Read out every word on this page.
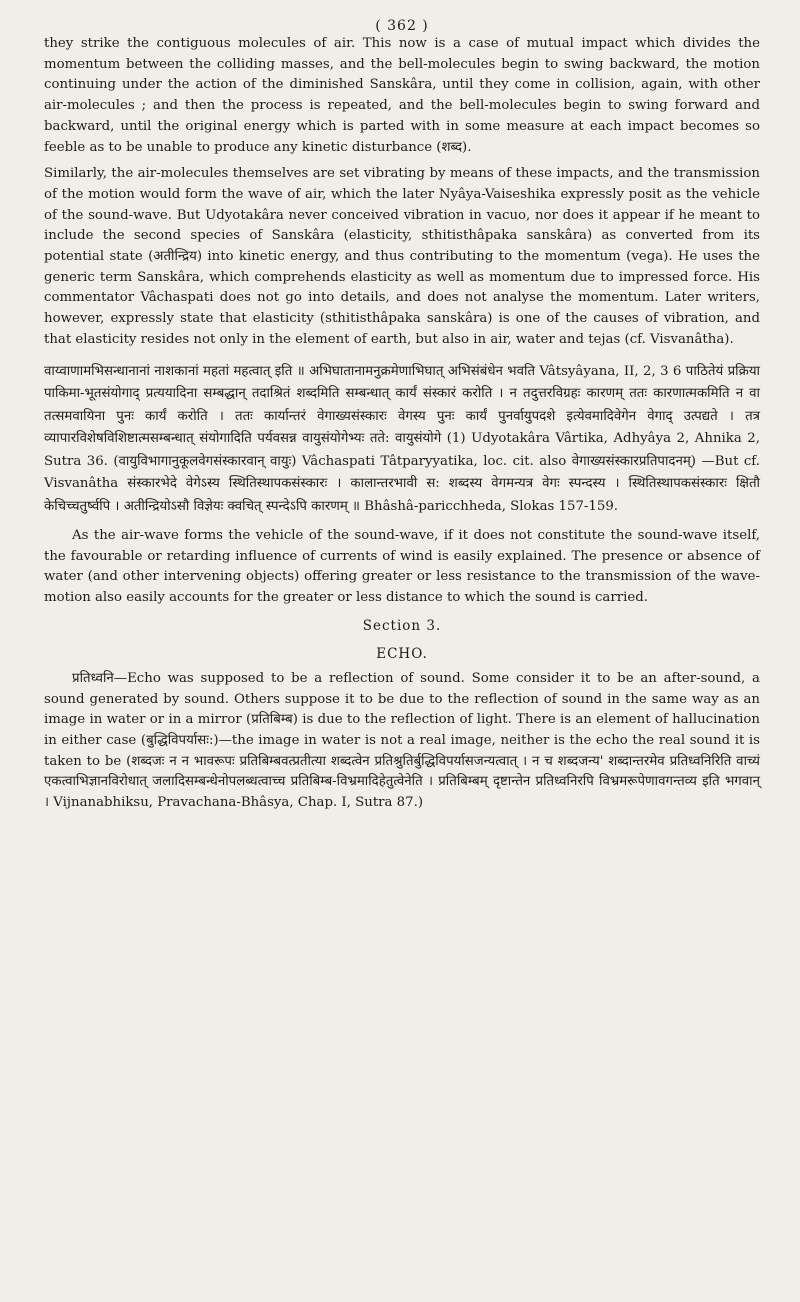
( 362 )

they strike the contiguous molecules of air. This now is a case of mutual impact which divides the momentum between the colliding masses, and the bell-molecules begin to swing backward, the motion continuing under the action of the diminished Sanskâra, until they come in collision, again, with other air-molecules ; and then the process is repeated, and the bell-molecules begin to swing forward and backward, until the original energy which is parted with in some measure at each impact becomes so feeble as to be unable to produce any kinetic disturbance (शब्द).

Similarly, the air-molecules themselves are set vibrating by means of these impacts, and the transmission of the motion would form the wave of air, which the later Nyâya-Vaiseshika expressly posit as the vehicle of the sound-wave. But Udyotakâra never conceived vibration in vacuo, nor does it appear if he meant to include the second species of Sanskâra (elasticity, sthitisthâpaka sanskâra) as converted from its potential state (अतीन्द्रिय) into kinetic energy, and thus contributing to the momentum (vega). He uses the generic term Sanskâra, which comprehends elasticity as well as momentum due to impressed force. His commentator Vâchaspati does not go into details, and does not analyse the momentum. Later writers, however, expressly state that elasticity (sthitisthâpaka sanskâra) is one of the causes of vibration, and that elasticity resides not only in the element of earth, but also in air, water and tejas (cf. Visvanâtha).

वाय्वाणामभिसन्धानानां नाशकानां महतां महत्वात् इति ॥ अभिघातानामनुक्रमेणाभिघात् अभिसंबंधेन भवति Vâtsyâyana, II, 2, 3 6 पाठितेयं प्रक्रिया पाकिमा-भूतसंयोगाद् प्रत्ययादिना सम्बद्धान् तदाश्रितं शब्दमिति सम्बन्धात् कार्यं संस्कारं करोति । न तदुत्तरविग्रहः कारणम् ततः कारणात्मकमिति न वा तत्समवायिना पुनः कार्यं करोति । ततः कार्यान्तरं वेगाख्यसंस्कारः वेगस्य पुनः कार्यं पुनर्वायुपदशे इत्येवमादिवेगेन वेगाद् उत्पद्यते । तत्र व्यापारविशेषविशिष्टात्मसम्बन्धात् संयोगादिति पर्यवसन्न वायुसंयोगेभ्यः तते: वायुसंयोगे (1) Udyotakâra Vârtika, Adhyâya 2, Ahnika 2, Sutra 36. (वायुविभागानुकूलवेगसंस्कारवान् वायुः) Vâchaspati Tâtparyyatika, loc. cit. also वेगाख्यसंस्कारप्रतिपादनम्) —But cf. Visvanâtha संस्कारभेदे वेगेऽस्य स्थितिस्थापकसंस्कारः । कालान्तरभावी स: शब्दस्य वेगमन्यत्र वेगः स्पन्दस्य । स्थितिस्थापकसंस्कारः क्षितौ केचिच्चतुर्ष्वपि । अतीन्द्रियोऽसौ विज्ञेयः क्वचित् स्पन्देऽपि कारणम् ॥ Bhâshâ-paricchheda, Slokas 157-159.

As the air-wave forms the vehicle of the sound-wave, if it does not constitute the sound-wave itself, the favourable or retarding influence of currents of wind is easily explained. The presence or absence of water (and other intervening objects) offering greater or less resistance to the transmission of the wave-motion also easily accounts for the greater or less distance to which the sound is carried.

Section 3.
ECHO.

प्रतिध्वनि—Echo was supposed to be a reflection of sound. Some consider it to be an after-sound, a sound generated by sound. Others suppose it to be due to the reflection of sound in the same way as an image in water or in a mirror (प्रतिबिम्ब) is due to the reflection of light. There is an element of hallucination in either case (बुद्धिविपर्यासः:)—the image in water is not a real image, neither is the echo the real sound it is taken to be (शब्दजः न न भावरूपः प्रतिबिम्बवत्प्रतीत्या शब्दत्वेन प्रतिश्रुतिर्बुद्धिविपर्यासजन्यत्वात् । न च शब्दजन्य' शब्दान्तरमेव प्रतिध्वनिरिति वाच्यं एकत्वाभिज्ञानविरोधात् जलादिसम्बन्धेनोपलब्धत्वाच्च प्रतिबिम्ब-विभ्रमादिहेतुत्वेनेति । प्रतिबिम्बम् दृष्टान्तेन प्रतिध्वनिरपि विभ्रमरूपेणावगन्तव्य इति भगवान् । Vijnanabhiksu, Pravachana-Bhâsya, Chap. I, Sutra 87.)
